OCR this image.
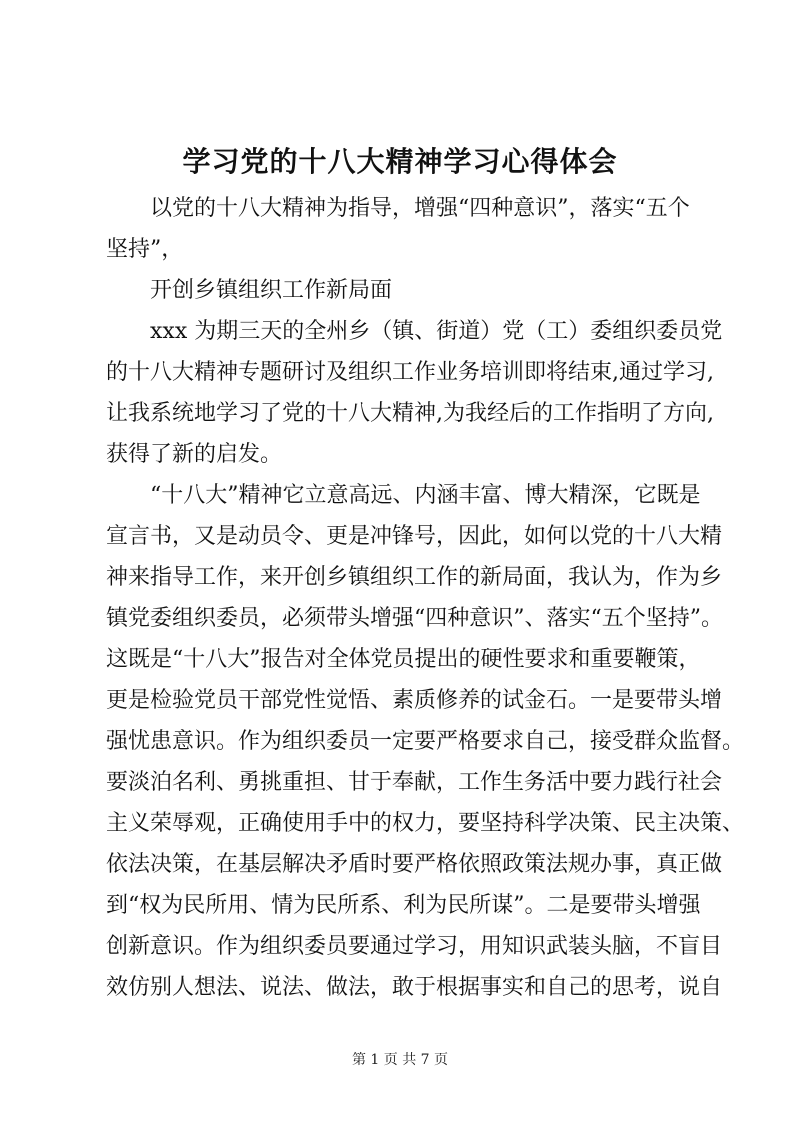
学习党的十八大精神学习心得体会

以党的十八大精神为指导，增强“四种意识”，落实“五个

坚持”，

开创乡镇组织工作新局面

xxx 为期三天的全州乡（镇、街道）党（工）委组织委员党

的十八大精神专题研讨及组织工作业务培训即将结束,通过学习,

让我系统地学习了党的十八大精神,为我经后的工作指明了方向,

获得了新的启发。

“十八大”精神它立意高远、内涵丰富、博大精深，它既是

宣言书，又是动员令、更是冲锋号，因此，如何以党的十八大精

神来指导工作，来开创乡镇组织工作的新局面，我认为，作为乡

镇党委组织委员，必须带头增强“四种意识”、落实“五个坚持”。

这既是“十八大”报告对全体党员提出的硬性要求和重要鞭策，

更是检验党员干部党性觉悟、素质修养的试金石。一是要带头增

强忧患意识。作为组织委员一定要严格要求自己，接受群众监督。

要淡泊名利、勇挑重担、甘于奉献，工作生务活中要力践行社会

主义荣辱观，正确使用手中的权力，要坚持科学决策、民主决策、

依法决策，在基层解决矛盾时要严格依照政策法规办事，真正做

到“权为民所用、情为民所系、利为民所谋”。二是要带头增强

创新意识。作为组织委员要通过学习，用知识武装头脑，不盲目

效仿别人想法、说法、做法，敢于根据事实和自己的思考，说自

第 1 页 共 7 页
